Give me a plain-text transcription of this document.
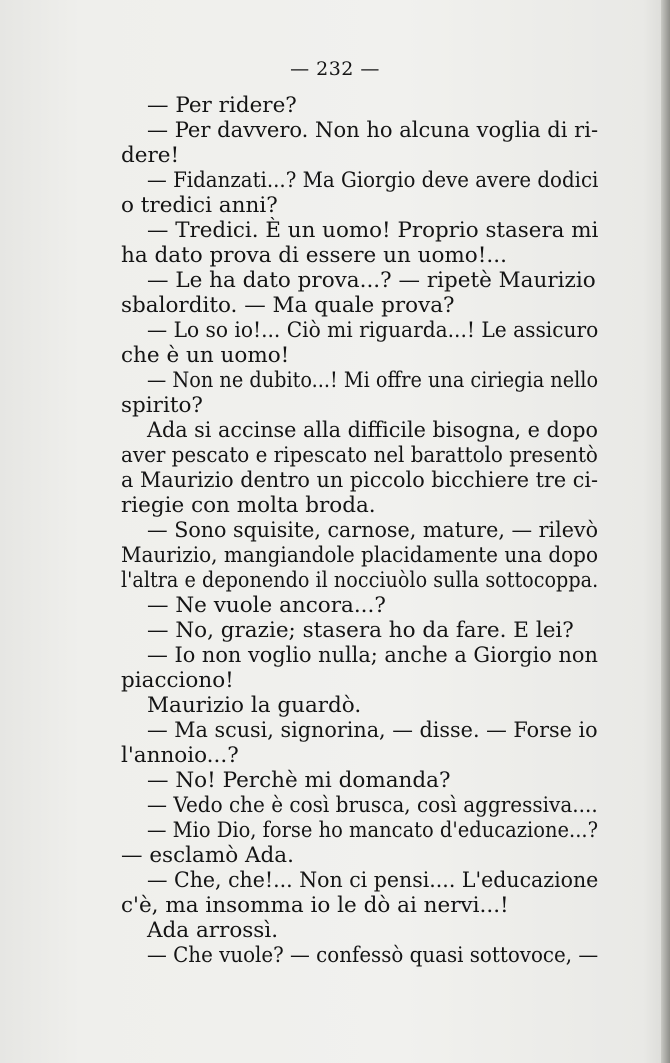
— 232 —
— Per ridere?
— Per davvero. Non ho alcuna voglia di ri-
dere!
— Fidanzati...? Ma Giorgio deve avere dodici
o tredici anni?
— Tredici. È un uomo! Proprio stasera mi
ha dato prova di essere un uomo!...
— Le ha dato prova...? — ripetè Maurizio
sbalordito. — Ma quale prova?
— Lo so io!... Ciò mi riguarda...! Le assicuro
che è un uomo!
— Non ne dubito...! Mi offre una ciriegia nello
spirito?
Ada si accinse alla difficile bisogna, e dopo
aver pescato e ripescato nel barattolo presentò
a Maurizio dentro un piccolo bicchiere tre ci-
riegie con molta broda.
— Sono squisite, carnose, mature, — rilevò
Maurizio, mangiandole placidamente una dopo
l'altra e deponendo il nocciuòlo sulla sottocoppa.
— Ne vuole ancora...?
— No, grazie; stasera ho da fare. E lei?
— Io non voglio nulla; anche a Giorgio non
piacciono!
Maurizio la guardò.
— Ma scusi, signorina, — disse. — Forse io
l'annoio...?
— No! Perchè mi domanda?
— Vedo che è così brusca, così aggressiva....
— Mio Dio, forse ho mancato d'educazione...?
— esclamò Ada.
— Che, che!... Non ci pensi.... L'educazione
c'è, ma insomma io le dò ai nervi...!
Ada arrossì.
— Che vuole? — confessò quasi sottovoce, —
